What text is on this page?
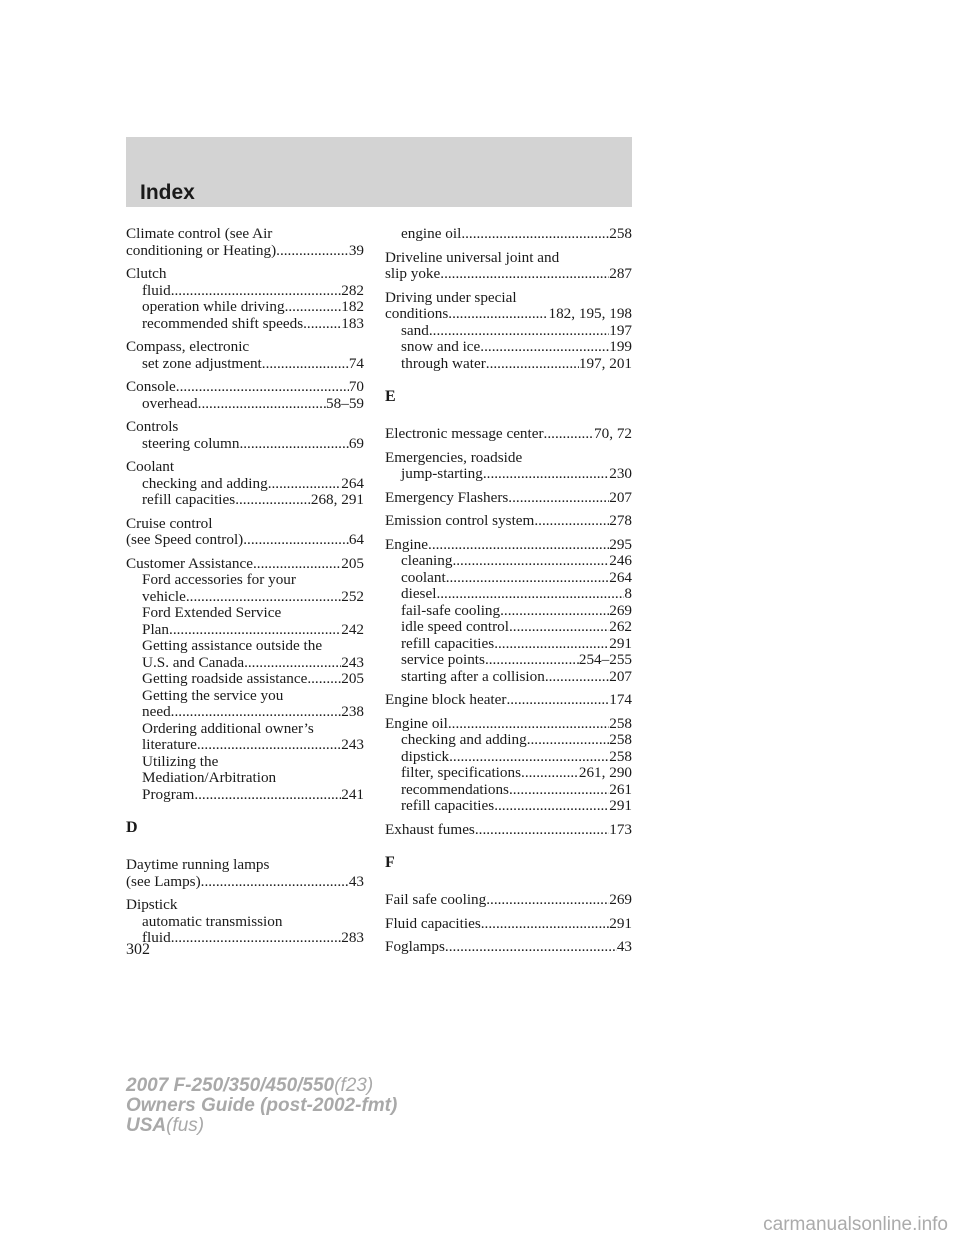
Index
Climate control (see Air
conditioning or Heating) .....	39
Clutch
fluid .....	282
operation while driving .....	182
recommended shift speeds .....	183
Compass, electronic
set zone adjustment .....	74
Console .....	70
overhead .....	58–59
Controls
steering column .....	69
Coolant
checking and adding .....	264
refill capacities .....	268, 291
Cruise control
(see Speed control) .....	64
Customer Assistance .....	205
Ford accessories for your
vehicle .....	252
Ford Extended Service
Plan .....	242
Getting assistance outside the
U.S. and Canada .....	243
Getting roadside assistance ..... 205
Getting the service you
need .....	238
Ordering additional owner’s
literature .....	243
Utilizing the
Mediation/Arbitration
Program .....	241
D
Daytime running lamps
(see Lamps) .....	43
Dipstick
automatic transmission
fluid .....	283
engine oil .....	258
Driveline universal joint and
slip yoke .....	287
Driving under special
conditions .....	182, 195, 198
sand .....	197
snow and ice .....	199
through water .....	197, 201
E
Electronic message center .....	70, 72
Emergencies, roadside
jump-starting .....	230
Emergency Flashers .....	207
Emission control system .....	278
Engine .....	295
cleaning .....	246
coolant .....	264
diesel .....	8
fail-safe cooling .....	269
idle speed control .....	262
refill capacities .....	291
service points .....	254–255
starting after a collision .....	207
Engine block heater .....	174
Engine oil .....	258
checking and adding .....	258
dipstick .....	258
filter, specifications .....	261, 290
recommendations .....	261
refill capacities .....	291
Exhaust fumes .....	173
F
Fail safe cooling .....	269
Fluid capacities .....	291
Foglamps .....	43
302
2007 F-250/350/450/550(f23)
Owners Guide (post-2002-fmt)
USA(fus)
carmanualsonline.info
